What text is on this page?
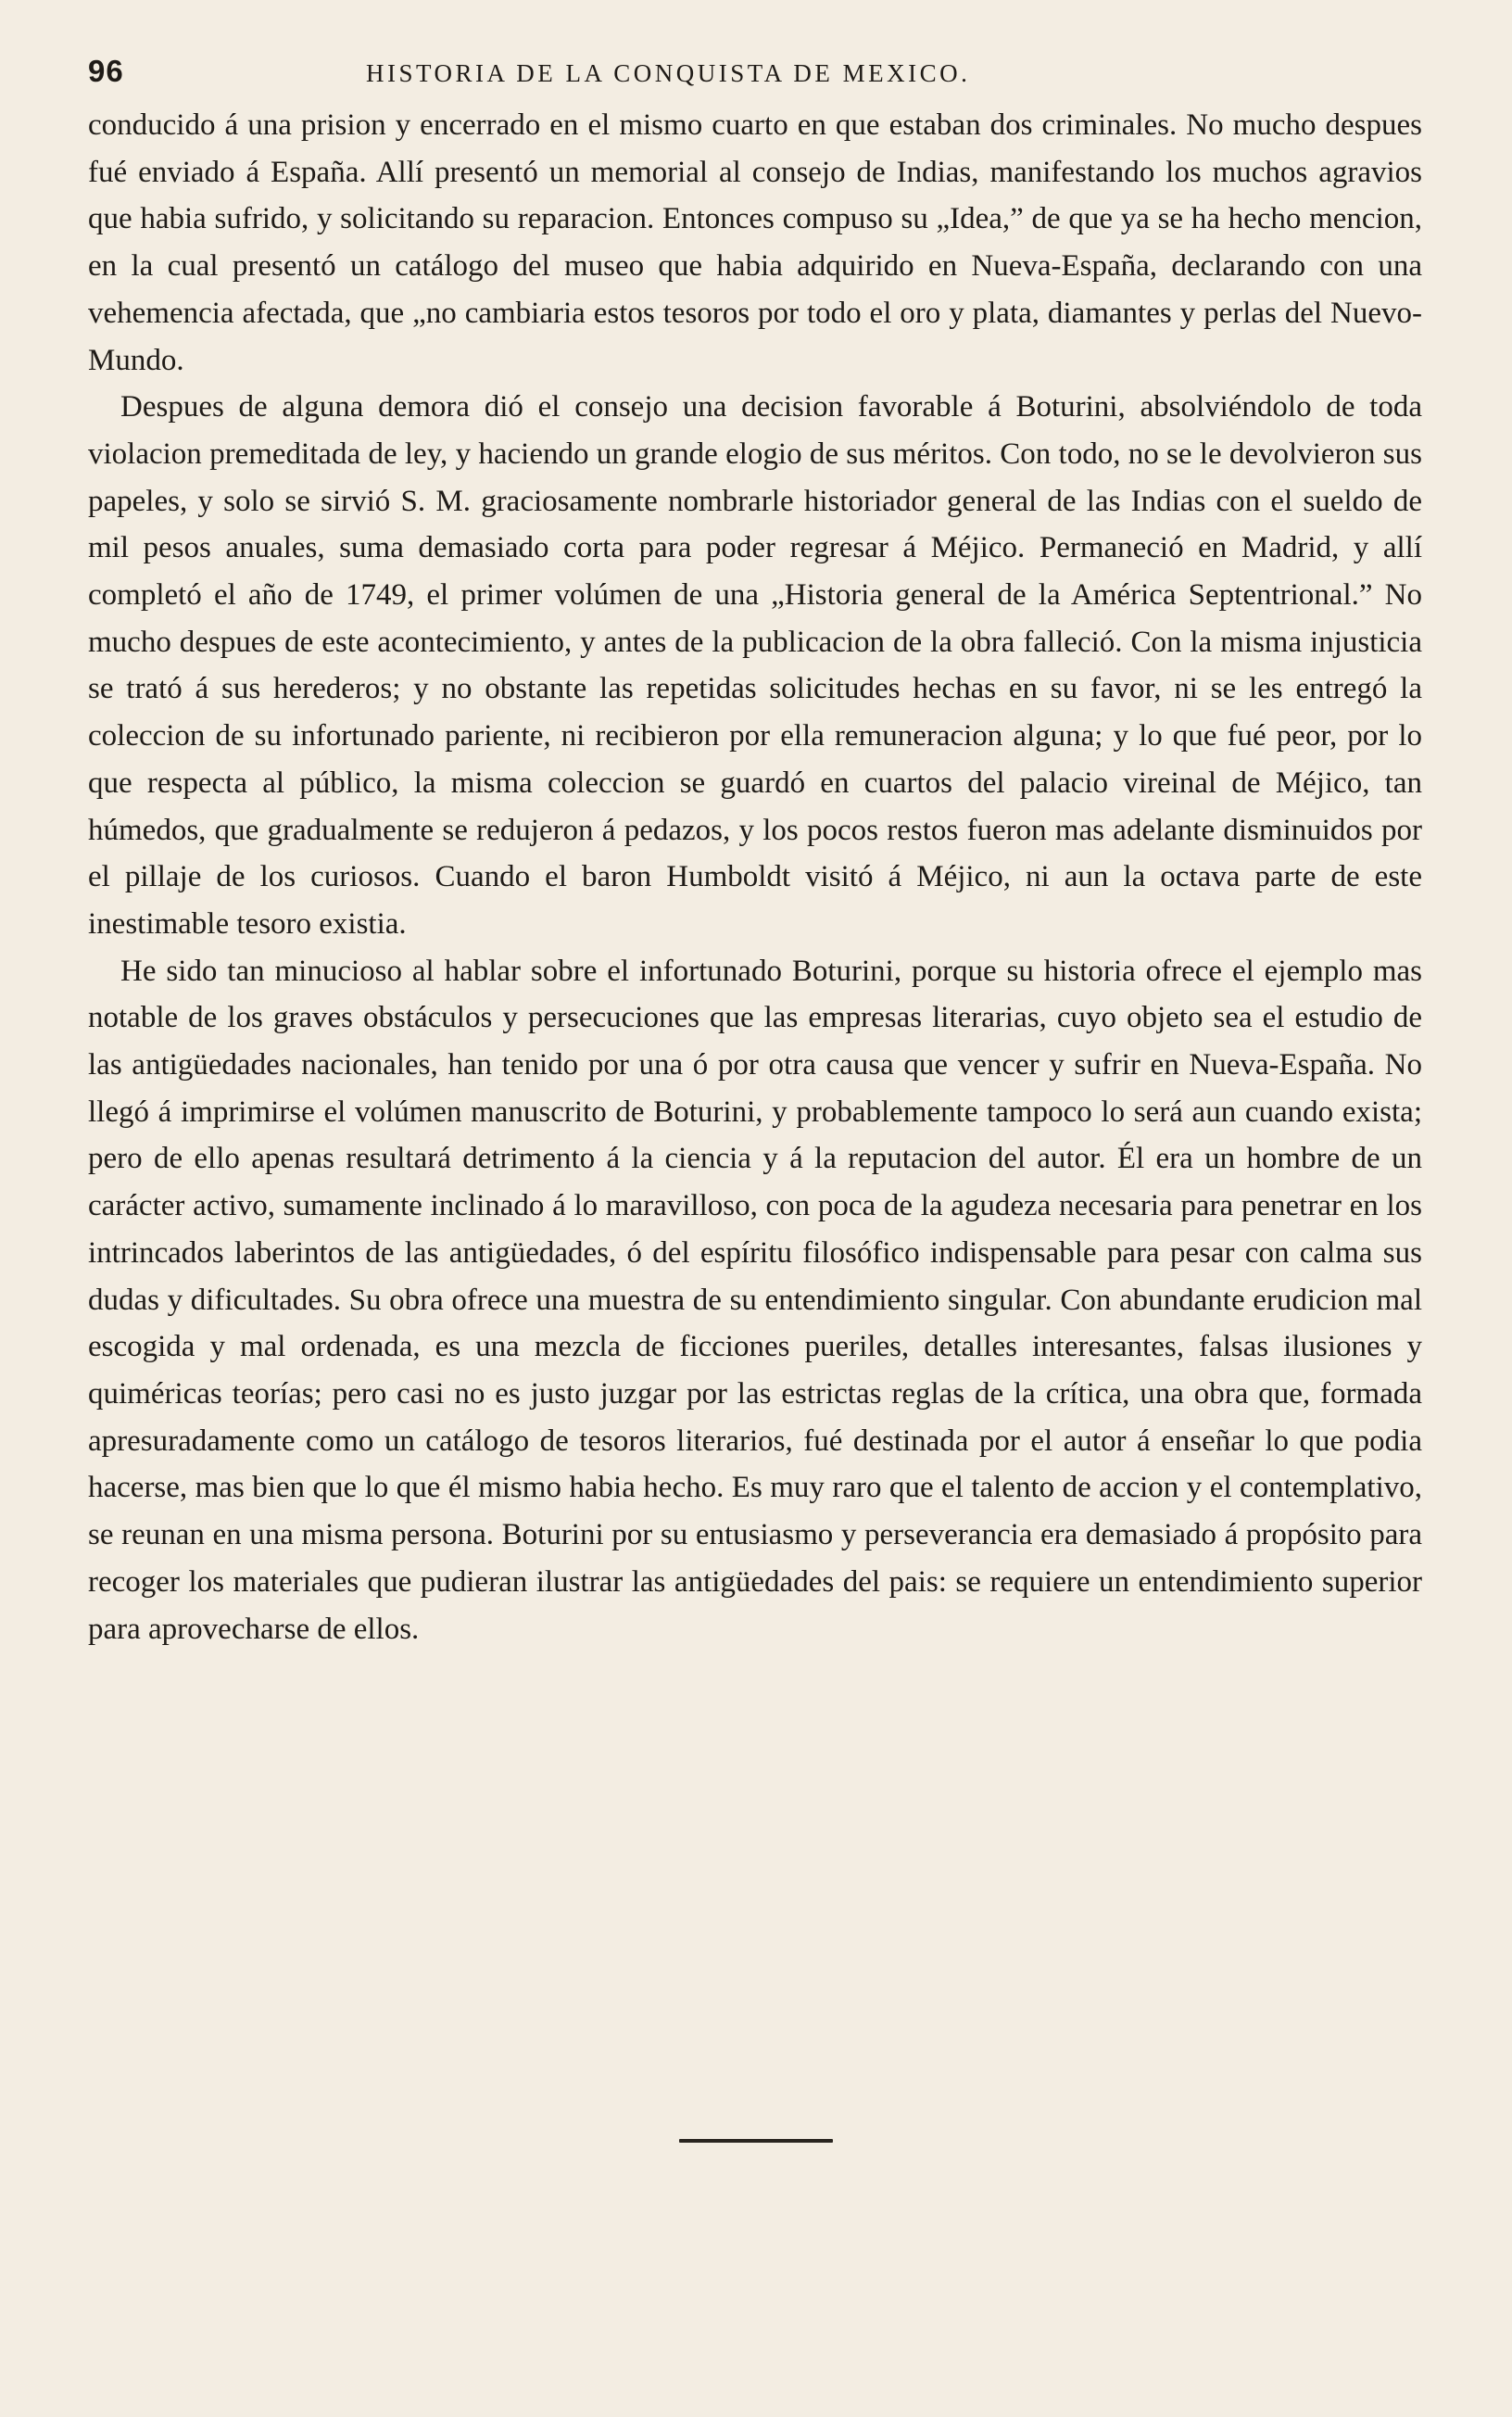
96	HISTORIA DE LA CONQUISTA DE MEXICO.

conducido á una prision y encerrado en el mismo cuarto en que estaban dos criminales. No mucho despues fué enviado á España. Allí presentó un memorial al consejo de Indias, manifestando los muchos agravios que habia sufrido, y solicitando su reparacion. Entonces compuso su „Idea,” de que ya se ha hecho mencion, en la cual presentó un catálogo del museo que habia adquirido en Nueva-España, declarando con una vehemencia afectada, que „no cambiaria estos tesoros por todo el oro y plata, diamantes y perlas del Nuevo-Mundo.

Despues de alguna demora dió el consejo una decision favorable á Boturini, absolviéndolo de toda violacion premeditada de ley, y haciendo un grande elogio de sus méritos. Con todo, no se le devolvieron sus papeles, y solo se sirvió S. M. graciosamente nombrarle historiador general de las Indias con el sueldo de mil pesos anuales, suma demasiado corta para poder regresar á Méjico. Permaneció en Madrid, y allí completó el año de 1749, el primer volúmen de una „Historia general de la América Septentrional.” No mucho despues de este acontecimiento, y antes de la publicacion de la obra falleció. Con la misma injusticia se trató á sus herederos; y no obstante las repetidas solicitudes hechas en su favor, ni se les entregó la coleccion de su infortunado pariente, ni recibieron por ella remuneracion alguna; y lo que fué peor, por lo que respecta al público, la misma coleccion se guardó en cuartos del palacio vireinal de Méjico, tan húmedos, que gradualmente se redujeron á pedazos, y los pocos restos fueron mas adelante disminuidos por el pillaje de los curiosos. Cuando el baron Humboldt visitó á Méjico, ni aun la octava parte de este inestimable tesoro existia.

He sido tan minucioso al hablar sobre el infortunado Boturini, porque su historia ofrece el ejemplo mas notable de los graves obstáculos y persecuciones que las empresas literarias, cuyo objeto sea el estudio de las antigüedades nacionales, han tenido por una ó por otra causa que vencer y sufrir en Nueva-España. No llegó á imprimirse el volúmen manuscrito de Boturini, y probablemente tampoco lo será aun cuando exista; pero de ello apenas resultará detrimento á la ciencia y á la reputacion del autor. Él era un hombre de un carácter activo, sumamente inclinado á lo maravilloso, con poca de la agudeza necesaria para penetrar en los intrincados laberintos de las antigüedades, ó del espíritu filosófico indispensable para pesar con calma sus dudas y dificultades. Su obra ofrece una muestra de su entendimiento singular. Con abundante erudicion mal escogida y mal ordenada, es una mezcla de ficciones pueriles, detalles interesantes, falsas ilusiones y quiméricas teorías; pero casi no es justo juzgar por las estrictas reglas de la crítica, una obra que, formada apresuradamente como un catálogo de tesoros literarios, fué destinada por el autor á enseñar lo que podia hacerse, mas bien que lo que él mismo habia hecho. Es muy raro que el talento de accion y el contemplativo, se reunan en una misma persona. Boturini por su entusiasmo y perseverancia era demasiado á propósito para recoger los materiales que pudieran ilustrar las antigüedades del pais: se requiere un entendimiento superior para aprovecharse de ellos.
